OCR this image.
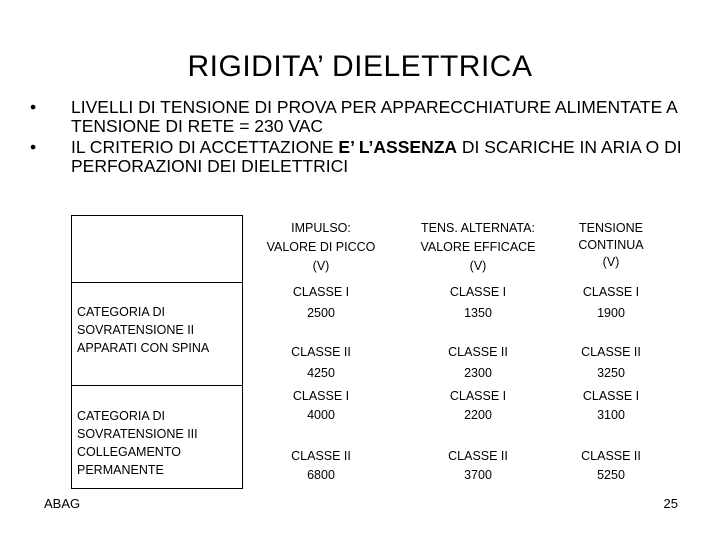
RIGIDITA’ DIELETTRICA
• LIVELLI DI TENSIONE DI PROVA PER APPARECCHIATURE ALIMENTATE A TENSIONE DI RETE = 230 VAC
• IL CRITERIO DI ACCETTAZIONE E’ L’ASSENZA DI SCARICHE IN ARIA O DI PERFORAZIONI DEI DIELETTRICI
IMPULSO:
VALORE DI PICCO
(V)
TENS. ALTERNATA:
VALORE EFFICACE
(V)
TENSIONE
CONTINUA
(V)
CATEGORIA DI
SOVRATENSIONE II
APPARATI CON SPINA
CATEGORIA DI
SOVRATENSIONE III
COLLEGAMENTO
PERMANENTE
CLASSE I
2500
CLASSE I
1350
CLASSE I
1900
CLASSE II
4250
CLASSE II
2300
CLASSE II
3250
CLASSE I
4000
CLASSE I
2200
CLASSE I
3100
CLASSE II
6800
CLASSE II
3700
CLASSE II
5250
ABAG	25
